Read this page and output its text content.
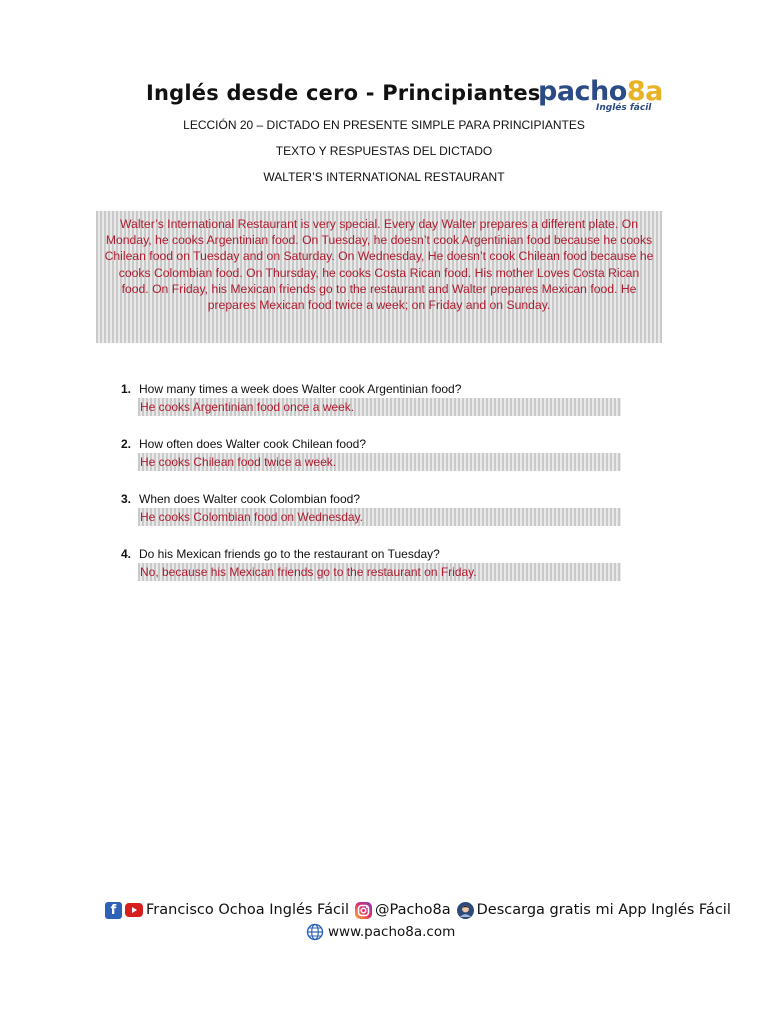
Inglés desde cero - Principiantes
pacho8a
Inglés fácil
LECCIÓN 20 – DICTADO EN PRESENTE SIMPLE PARA PRINCIPIANTES
TEXTO Y RESPUESTAS DEL DICTADO
WALTER’S INTERNATIONAL RESTAURANT

Walter’s International Restaurant is very special. Every day Walter prepares a different plate. On Monday, he cooks Argentinian food. On Tuesday, he doesn’t cook Argentinian food because he cooks Chilean food on Tuesday and on Saturday. On Wednesday, He doesn’t cook Chilean food because he cooks Colombian food. On Thursday, he cooks Costa Rican food. His mother Loves Costa Rican food. On Friday, his Mexican friends go to the restaurant and Walter prepares Mexican food. He prepares Mexican food twice a week; on Friday and on Sunday.

1. How many times a week does Walter cook Argentinian food?
He cooks Argentinian food once a week.
2. How often does Walter cook Chilean food?
He cooks Chilean food twice a week.
3. When does Walter cook Colombian food?
He cooks Colombian food on Wednesday.
4. Do his Mexican friends go to the restaurant on Tuesday?
No, because his Mexican friends go to the restaurant on Friday.
f	Francisco Ochoa Inglés Fácil @Pacho8a Descarga gratis mi App Inglés Fácil
www.pacho8a.com
